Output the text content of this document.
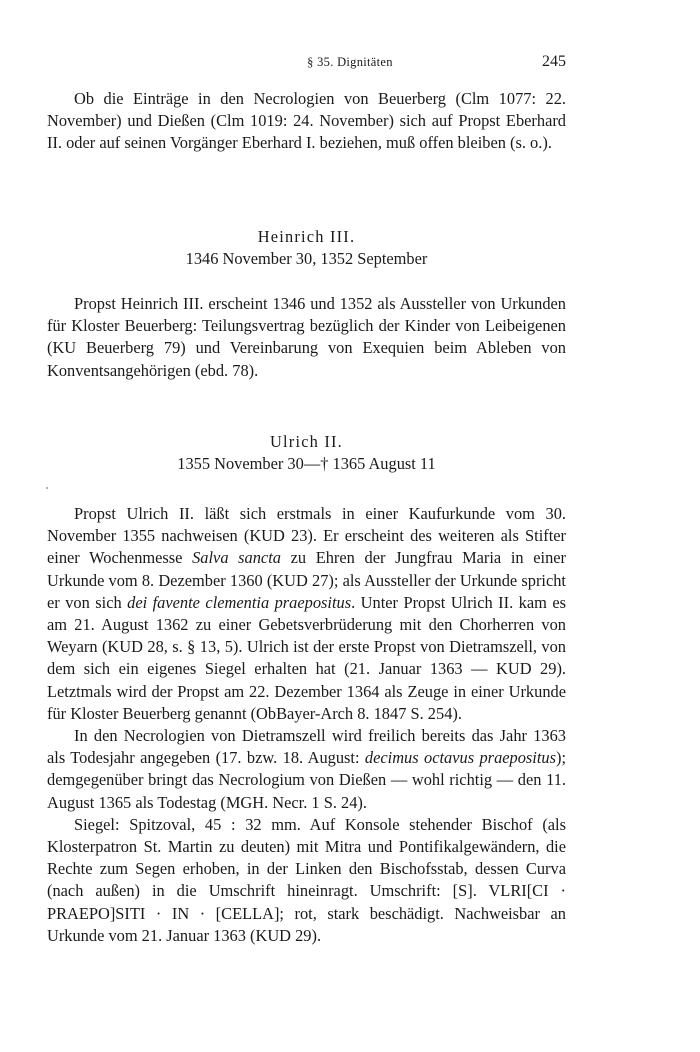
§ 35. Dignitäten	245

Ob die Einträge in den Necrologien von Beuerberg (Clm 1077: 22. November) und Dießen (Clm 1019: 24. November) sich auf Propst Eberhard II. oder auf seinen Vorgänger Eberhard I. beziehen, muß offen bleiben (s. o.).

Heinrich III.
1346 November 30, 1352 September

Propst Heinrich III. erscheint 1346 und 1352 als Aussteller von Urkunden für Kloster Beuerberg: Teilungsvertrag bezüglich der Kinder von Leibeigenen (KU Beuerberg 79) und Vereinbarung von Exequien beim Ableben von Konventsangehörigen (ebd. 78).

Ulrich II.
1355 November 30—† 1365 August 11

Propst Ulrich II. läßt sich erstmals in einer Kaufurkunde vom 30. November 1355 nachweisen (KUD 23). Er erscheint des weiteren als Stifter einer Wochenmesse Salva sancta zu Ehren der Jungfrau Maria in einer Urkunde vom 8. Dezember 1360 (KUD 27); als Aussteller der Urkunde spricht er von sich dei favente clementia praepositus. Unter Propst Ulrich II. kam es am 21. August 1362 zu einer Gebetsverbrüderung mit den Chorherren von Weyarn (KUD 28, s. § 13, 5). Ulrich ist der erste Propst von Dietramszell, von dem sich ein eigenes Siegel erhalten hat (21. Januar 1363 — KUD 29). Letztmals wird der Propst am 22. Dezember 1364 als Zeuge in einer Urkunde für Kloster Beuerberg genannt (ObBayer-Arch 8. 1847 S. 254).

In den Necrologien von Dietramszell wird freilich bereits das Jahr 1363 als Todesjahr angegeben (17. bzw. 18. August: decimus octavus praepositus); demgegenüber bringt das Necrologium von Dießen — wohl richtig — den 11. August 1365 als Todestag (MGH. Necr. 1 S. 24).

Siegel: Spitzoval, 45 : 32 mm. Auf Konsole stehender Bischof (als Klosterpatron St. Martin zu deuten) mit Mitra und Pontifikalgewändern, die Rechte zum Segen erhoben, in der Linken den Bischofsstab, dessen Curva (nach außen) in die Umschrift hineinragt. Umschrift: [S]. VLRI[CI · PRAEPO]SITI · IN · [CELLA]; rot, stark beschädigt. Nachweisbar an Urkunde vom 21. Januar 1363 (KUD 29).
